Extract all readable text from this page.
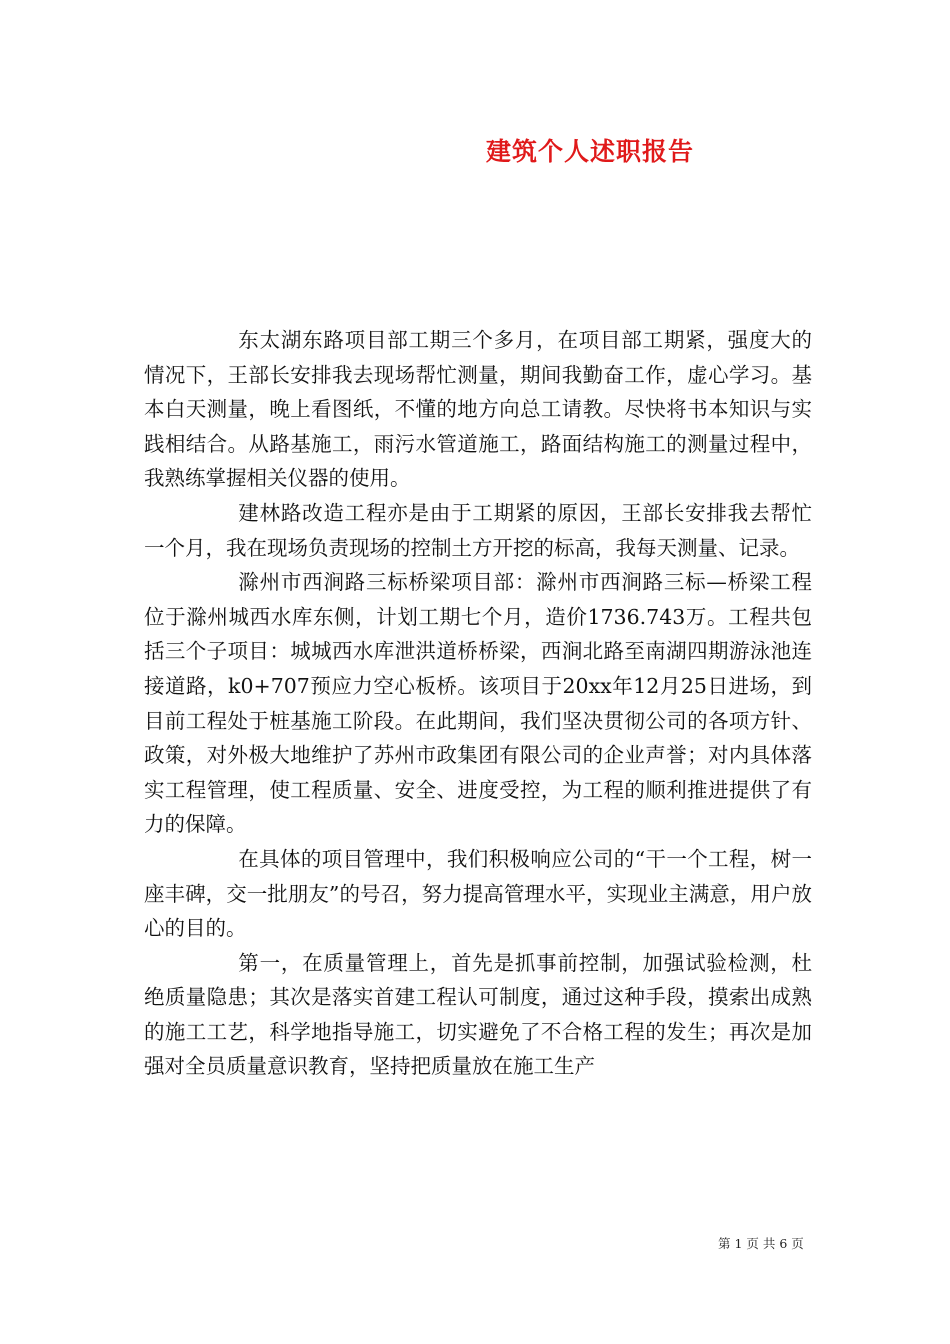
建筑个人述职报告

东太湖东路项目部工期三个多月，在项目部工期紧，强度大的情况下，王部长安排我去现场帮忙测量，期间我勤奋工作，虚心学习。基本白天测量，晚上看图纸，不懂的地方向总工请教。尽快将书本知识与实践相结合。从路基施工，雨污水管道施工，路面结构施工的测量过程中，我熟练掌握相关仪器的使用。

建林路改造工程亦是由于工期紧的原因，王部长安排我去帮忙一个月，我在现场负责现场的控制土方开挖的标高，我每天测量、记录。

滁州市西涧路三标桥梁项目部：滁州市西涧路三标—桥梁工程位于滁州城西水库东侧，计划工期七个月，造价1736.743万。工程共包括三个子项目：城城西水库泄洪道桥桥梁，西涧北路至南湖四期游泳池连接道路，k0+707预应力空心板桥。该项目于20xx年12月25日进场，到目前工程处于桩基施工阶段。在此期间，我们坚决贯彻公司的各项方针、政策，对外极大地维护了苏州市政集团有限公司的企业声誉；对内具体落实工程管理，使工程质量、安全、进度受控，为工程的顺利推进提供了有力的保障。

在具体的项目管理中，我们积极响应公司的“干一个工程，树一座丰碑，交一批朋友”的号召，努力提高管理水平，实现业主满意，用户放心的目的。

第一，在质量管理上，首先是抓事前控制，加强试验检测，杜绝质量隐患；其次是落实首建工程认可制度，通过这种手段，摸索出成熟的施工工艺，科学地指导施工，切实避免了不合格工程的发生；再次是加强对全员质量意识教育，坚持把质量放在施工生产

第 1 页 共 6 页
